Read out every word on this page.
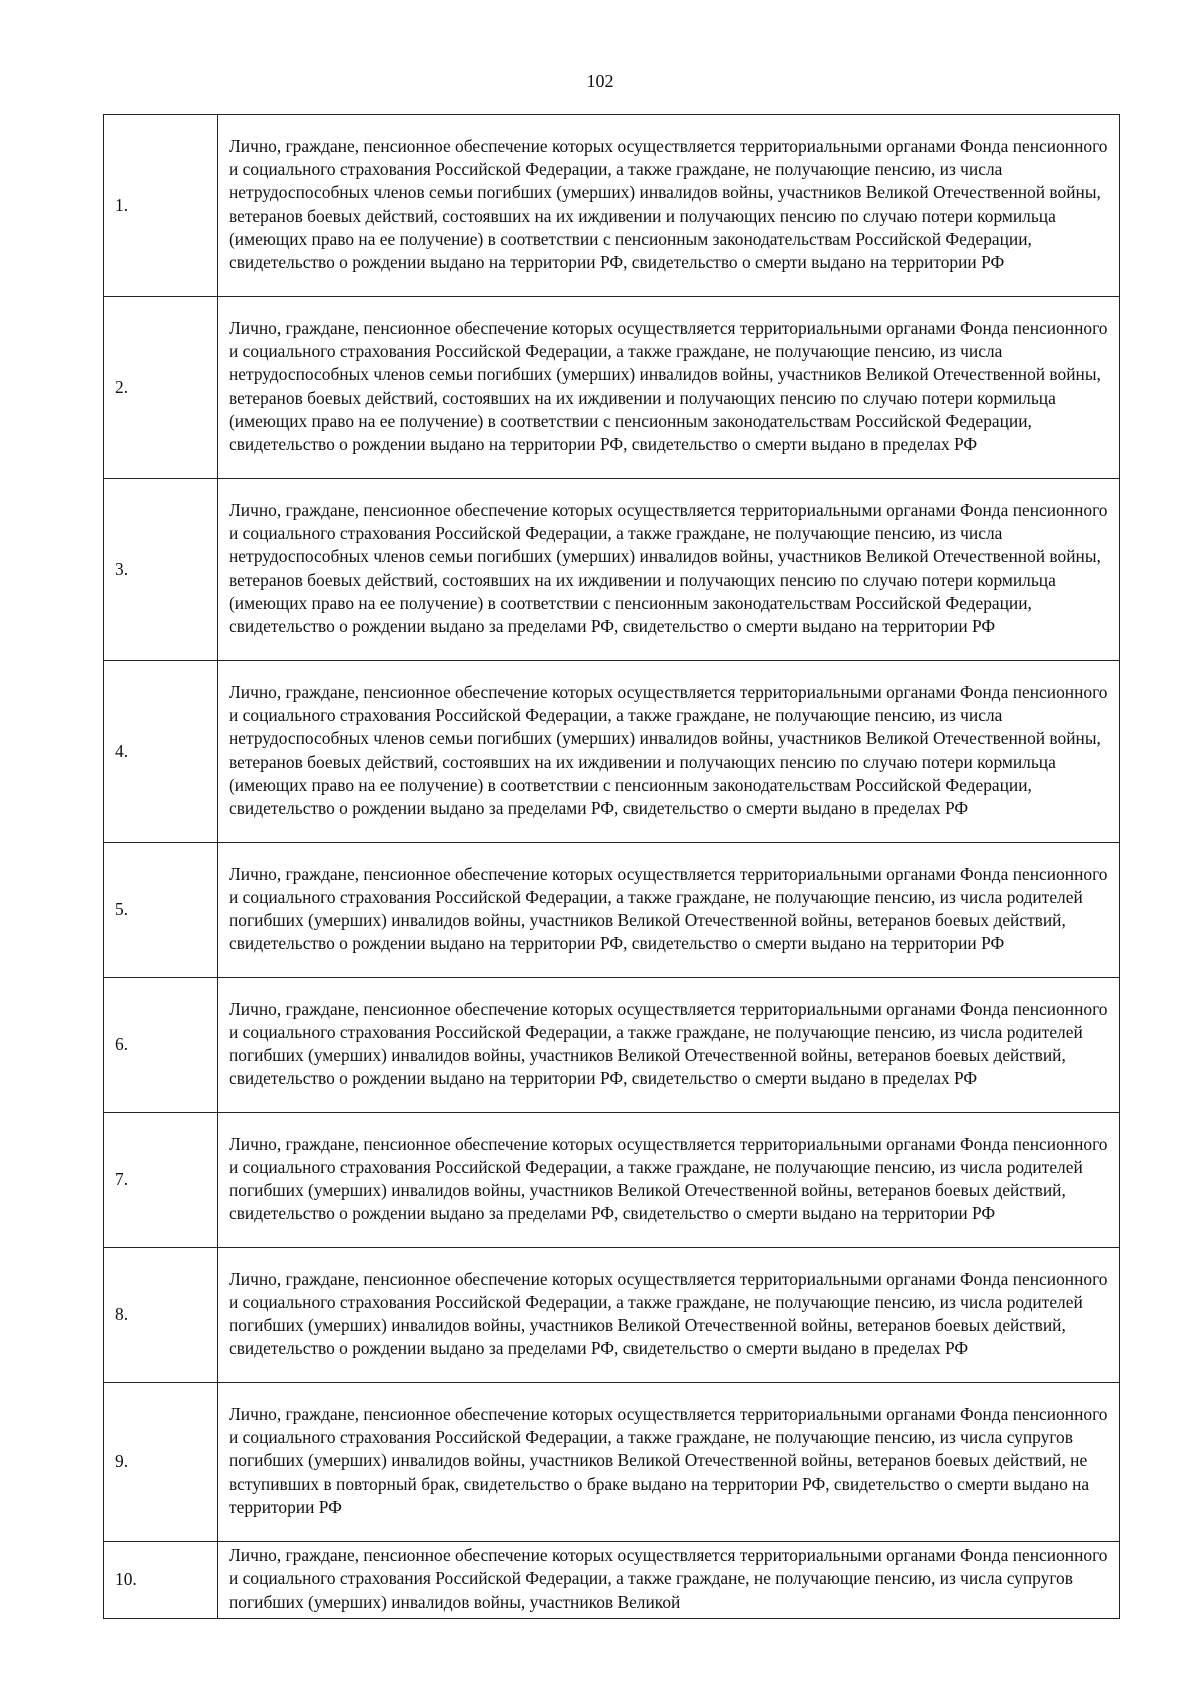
102
1.	Лично, граждане, пенсионное обеспечение которых осуществляется территориальными органами Фонда пенсионного и социального страхования Российской Федерации, а также граждане, не получающие пенсию, из числа нетрудоспособных членов семьи погибших (умерших) инвалидов войны, участников Великой Отечественной войны, ветеранов боевых действий, состоявших на их иждивении и получающих пенсию по случаю потери кормильца (имеющих право на ее получение) в соответствии с пенсионным законодательствам Российской Федерации, свидетельство о рождении выдано на территории РФ, свидетельство о смерти выдано на территории РФ
2.	Лично, граждане, пенсионное обеспечение которых осуществляется территориальными органами Фонда пенсионного и социального страхования Российской Федерации, а также граждане, не получающие пенсию, из числа нетрудоспособных членов семьи погибших (умерших) инвалидов войны, участников Великой Отечественной войны, ветеранов боевых действий, состоявших на их иждивении и получающих пенсию по случаю потери кормильца (имеющих право на ее получение) в соответствии с пенсионным законодательствам Российской Федерации, свидетельство о рождении выдано на территории РФ, свидетельство о смерти выдано в пределах РФ
3.	Лично, граждане, пенсионное обеспечение которых осуществляется территориальными органами Фонда пенсионного и социального страхования Российской Федерации, а также граждане, не получающие пенсию, из числа нетрудоспособных членов семьи погибших (умерших) инвалидов войны, участников Великой Отечественной войны, ветеранов боевых действий, состоявших на их иждивении и получающих пенсию по случаю потери кормильца (имеющих право на ее получение) в соответствии с пенсионным законодательствам Российской Федерации, свидетельство о рождении выдано за пределами РФ, свидетельство о смерти выдано на территории РФ
4.	Лично, граждане, пенсионное обеспечение которых осуществляется территориальными органами Фонда пенсионного и социального страхования Российской Федерации, а также граждане, не получающие пенсию, из числа нетрудоспособных членов семьи погибших (умерших) инвалидов войны, участников Великой Отечественной войны, ветеранов боевых действий, состоявших на их иждивении и получающих пенсию по случаю потери кормильца (имеющих право на ее получение) в соответствии с пенсионным законодательствам Российской Федерации, свидетельство о рождении выдано за пределами РФ, свидетельство о смерти выдано в пределах РФ
5.	Лично, граждане, пенсионное обеспечение которых осуществляется территориальными органами Фонда пенсионного и социального страхования Российской Федерации, а также граждане, не получающие пенсию, из числа родителей погибших (умерших) инвалидов войны, участников Великой Отечественной войны, ветеранов боевых действий, свидетельство о рождении выдано на территории РФ, свидетельство о смерти выдано на территории РФ
6.	Лично, граждане, пенсионное обеспечение которых осуществляется территориальными органами Фонда пенсионного и социального страхования Российской Федерации, а также граждане, не получающие пенсию, из числа родителей погибших (умерших) инвалидов войны, участников Великой Отечественной войны, ветеранов боевых действий, свидетельство о рождении выдано на территории РФ, свидетельство о смерти выдано в пределах РФ
7.	Лично, граждане, пенсионное обеспечение которых осуществляется территориальными органами Фонда пенсионного и социального страхования Российской Федерации, а также граждане, не получающие пенсию, из числа родителей погибших (умерших) инвалидов войны, участников Великой Отечественной войны, ветеранов боевых действий, свидетельство о рождении выдано за пределами РФ, свидетельство о смерти выдано на территории РФ
8.	Лично, граждане, пенсионное обеспечение которых осуществляется территориальными органами Фонда пенсионного и социального страхования Российской Федерации, а также граждане, не получающие пенсию, из числа родителей погибших (умерших) инвалидов войны, участников Великой Отечественной войны, ветеранов боевых действий, свидетельство о рождении выдано за пределами РФ, свидетельство о смерти выдано в пределах РФ
9.	Лично, граждане, пенсионное обеспечение которых осуществляется территориальными органами Фонда пенсионного и социального страхования Российской Федерации, а также граждане, не получающие пенсию, из числа супругов погибших (умерших) инвалидов войны, участников Великой Отечественной войны, ветеранов боевых действий, не вступивших в повторный брак, свидетельство о браке выдано на территории РФ, свидетельство о смерти выдано на территории РФ
10.	Лично, граждане, пенсионное обеспечение которых осуществляется территориальными органами Фонда пенсионного и социального страхования Российской Федерации, а также граждане, не получающие пенсию, из числа супругов погибших (умерших) инвалидов войны, участников Великой
